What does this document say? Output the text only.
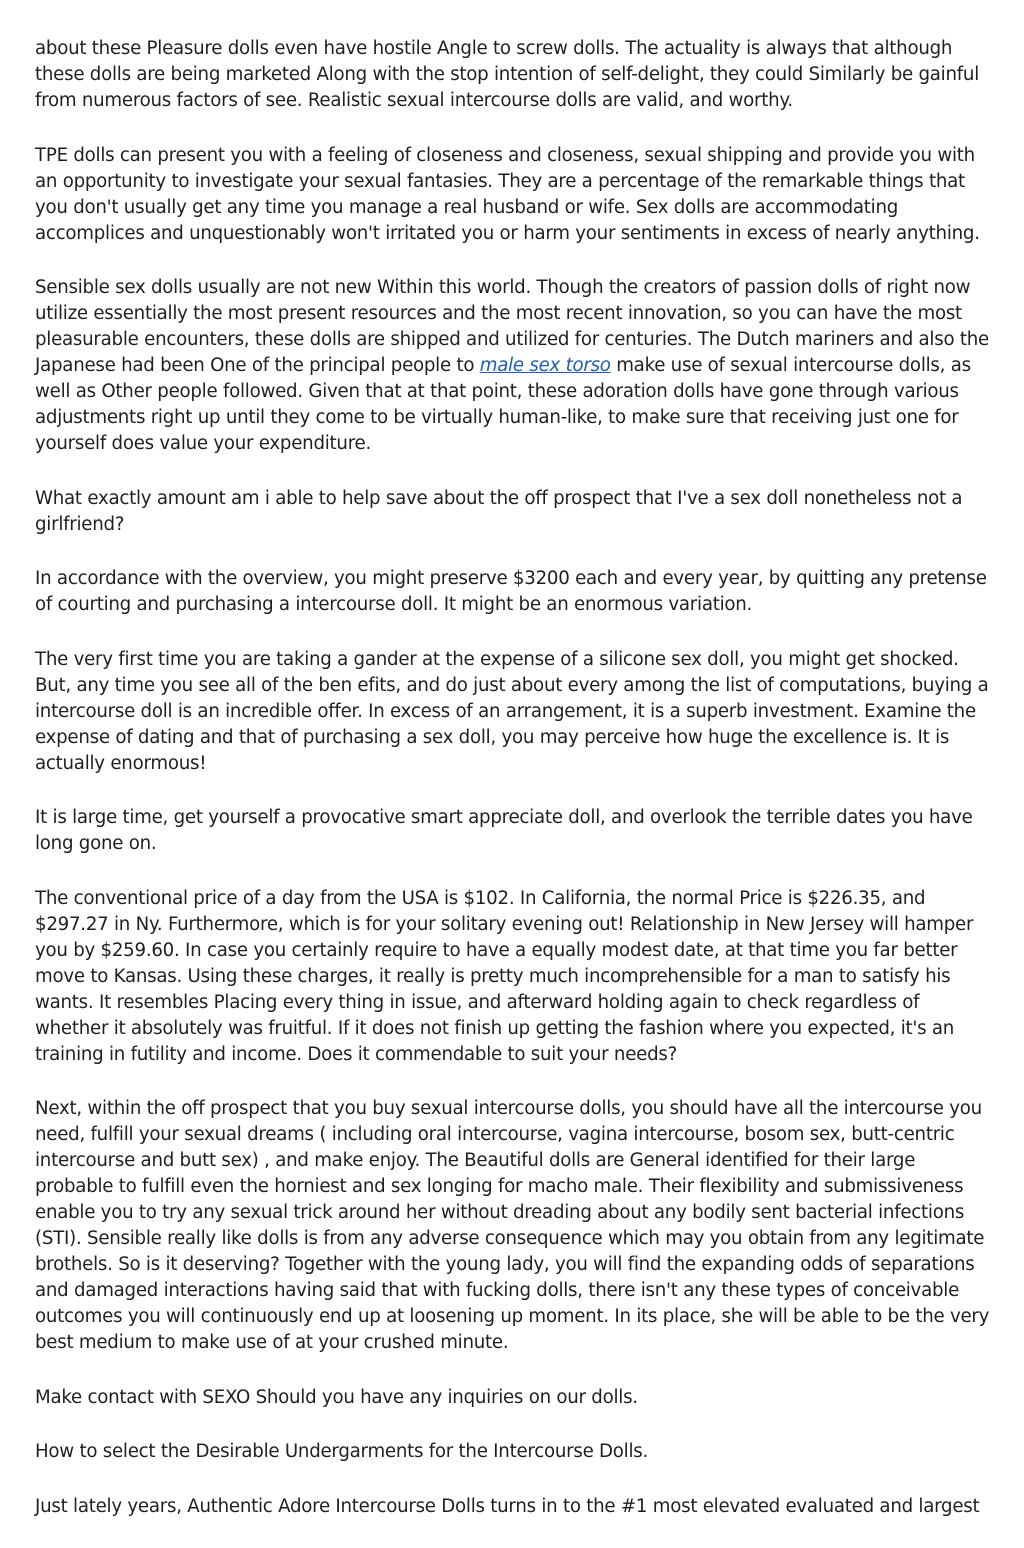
about these Pleasure dolls even have hostile Angle to screw dolls. The actuality is always that although these dolls are being marketed Along with the stop intention of self-delight, they could Similarly be gainful from numerous factors of see. Realistic sexual intercourse dolls are valid, and worthy.

TPE dolls can present you with a feeling of closeness and closeness, sexual shipping and provide you with an opportunity to investigate your sexual fantasies. They are a percentage of the remarkable things that you don't usually get any time you manage a real husband or wife. Sex dolls are accommodating accomplices and unquestionably won't irritated you or harm your sentiments in excess of nearly anything.

Sensible sex dolls usually are not new Within this world. Though the creators of passion dolls of right now utilize essentially the most present resources and the most recent innovation, so you can have the most pleasurable encounters, these dolls are shipped and utilized for centuries. The Dutch mariners and also the Japanese had been One of the principal people to male sex torso make use of sexual intercourse dolls, as well as Other people followed. Given that at that point, these adoration dolls have gone through various adjustments right up until they come to be virtually human-like, to make sure that receiving just one for yourself does value your expenditure.

What exactly amount am i able to help save about the off prospect that I've a sex doll nonetheless not a girlfriend?

In accordance with the overview, you might preserve $3200 each and every year, by quitting any pretense of courting and purchasing a intercourse doll. It might be an enormous variation.

The very first time you are taking a gander at the expense of a silicone sex doll, you might get shocked. But, any time you see all of the ben efits, and do just about every among the list of computations, buying a intercourse doll is an incredible offer. In excess of an arrangement, it is a superb investment. Examine the expense of dating and that of purchasing a sex doll, you may perceive how huge the excellence is. It is actually enormous!

It is large time, get yourself a provocative smart appreciate doll, and overlook the terrible dates you have long gone on.

The conventional price of a day from the USA is $102. In California, the normal Price is $226.35, and $297.27 in Ny. Furthermore, which is for your solitary evening out! Relationship in New Jersey will hamper you by $259.60. In case you certainly require to have a equally modest date, at that time you far better move to Kansas. Using these charges, it really is pretty much incomprehensible for a man to satisfy his wants. It resembles Placing every thing in issue, and afterward holding again to check regardless of whether it absolutely was fruitful. If it does not finish up getting the fashion where you expected, it's an training in futility and income. Does it commendable to suit your needs?

Next, within the off prospect that you buy sexual intercourse dolls, you should have all the intercourse you need, fulfill your sexual dreams ( including oral intercourse, vagina intercourse, bosom sex, butt-centric intercourse and butt sex) , and make enjoy. The Beautiful dolls are General identified for their large probable to fulfill even the horniest and sex longing for macho male. Their flexibility and submissiveness enable you to try any sexual trick around her without dreading about any bodily sent bacterial infections (STI). Sensible really like dolls is from any adverse consequence which may you obtain from any legitimate brothels. So is it deserving? Together with the young lady, you will find the expanding odds of separations and damaged interactions having said that with fucking dolls, there isn't any these types of conceivable outcomes you will continuously end up at loosening up moment. In its place, she will be able to be the very best medium to make use of at your crushed minute.

Make contact with SEXO Should you have any inquiries on our dolls.

How to select the Desirable Undergarments for the Intercourse Dolls.

Just lately years, Authentic Adore Intercourse Dolls turns in to the #1 most elevated evaluated and largest
